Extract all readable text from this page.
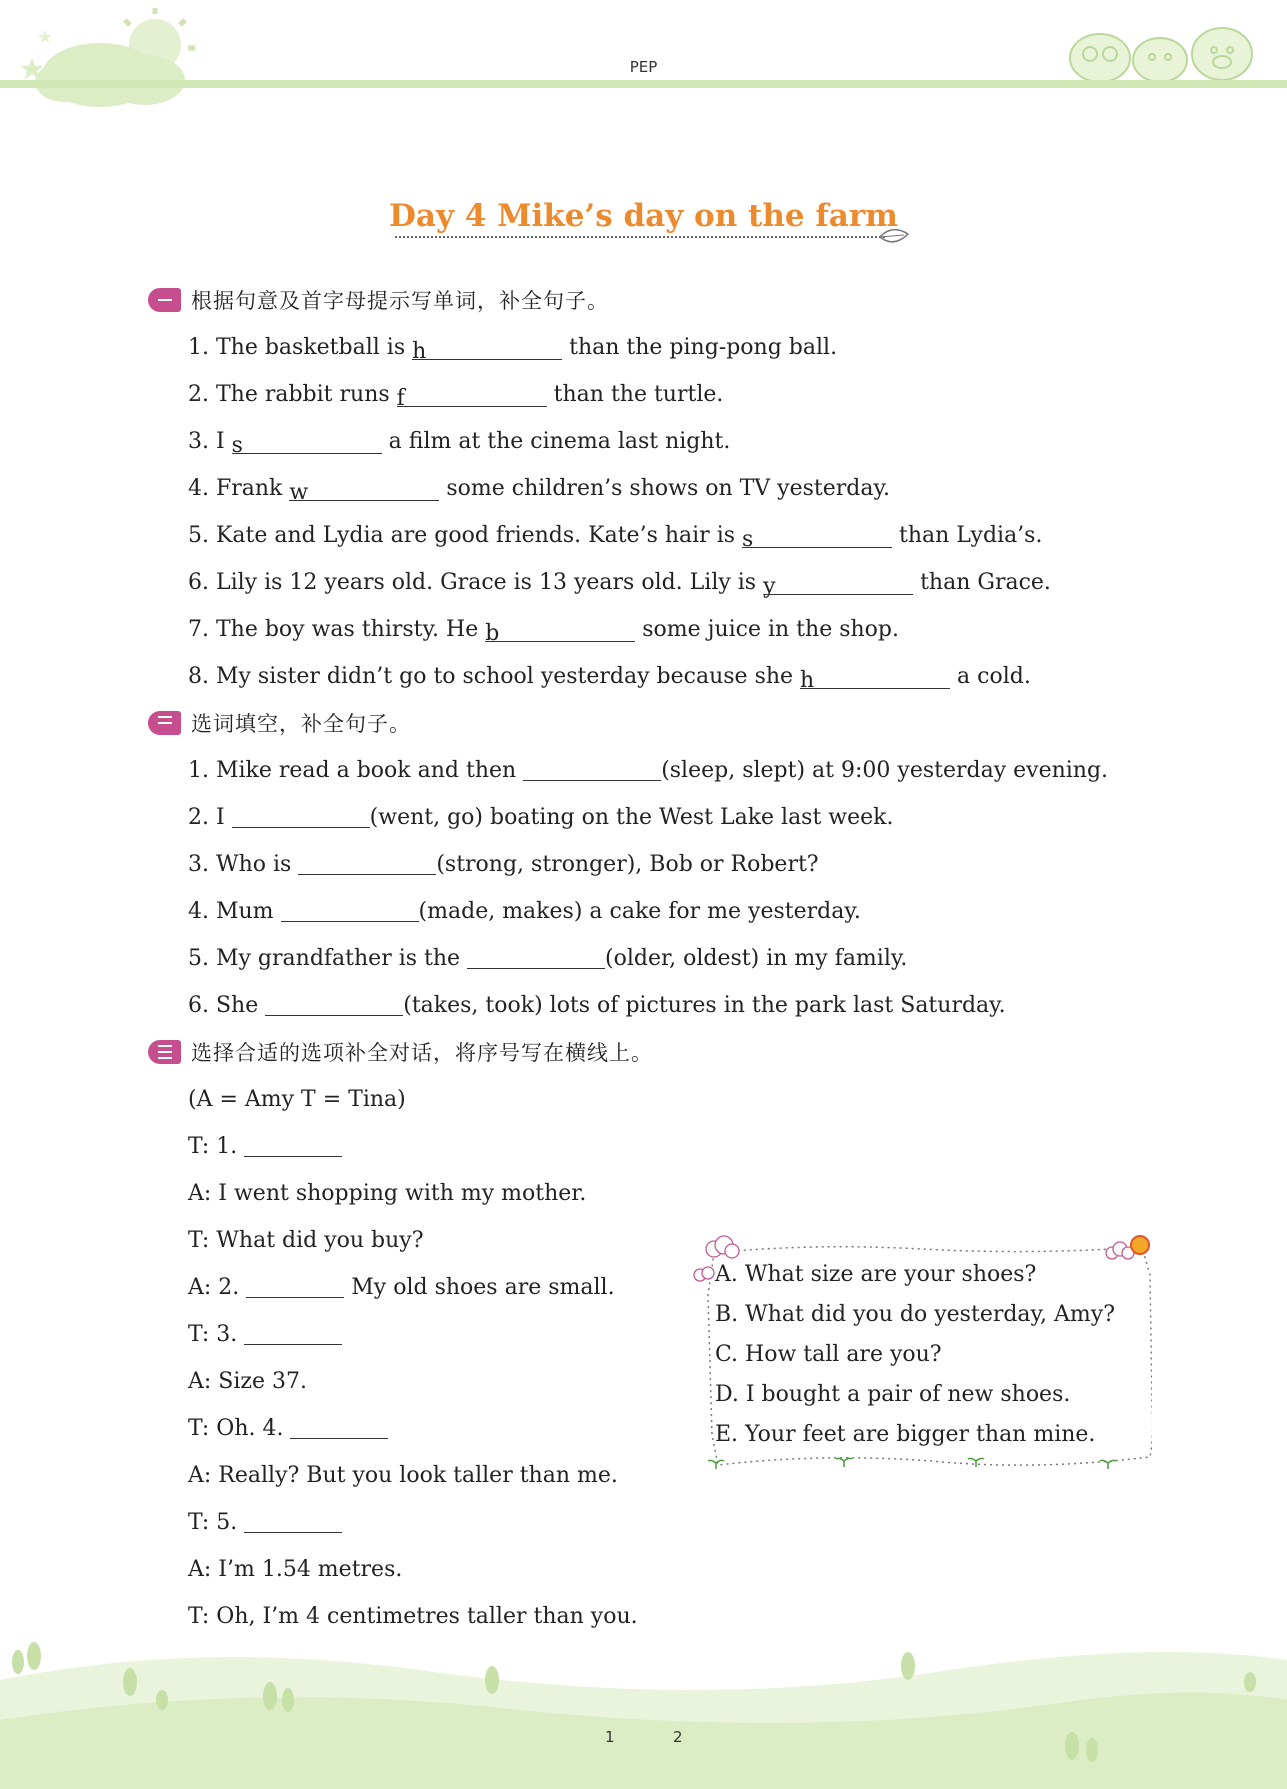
PEP
Day 4 Mike’s day on the farm
根据句意及首字母提示写单词，补全句子。
1. The basketball is h	than the ping-pong ball.
2. The rabbit runs f	than the turtle.
3. I s	a film at the cinema last night.
4. Frank w	some children’s shows on TV yesterday.
5. Kate and Lydia are good friends. Kate’s hair is s	than Lydia’s.
6. Lily is 12 years old. Grace is 13 years old. Lily is y	than Grace.
7. The boy was thirsty. He b	some juice in the shop.
8. My sister didn’t go to school yesterday because she h	a cold.
选词填空，补全句子。
1. Mike read a book and then	(sleep, slept) at 9:00 yesterday evening.
2. I	(went, go) boating on the West Lake last week.
3. Who is	(strong, stronger), Bob or Robert?
4. Mum	(made, makes) a cake for me yesterday.
5. My grandfather is the	(older, oldest) in my family.
6. She	(takes, took) lots of pictures in the park last Saturday.
选择合适的选项补全对话，将序号写在横线上。
(A = Amy T = Tina)
T: 1.
A: I went shopping with my mother.
T: What did you buy?
A: 2.	My old shoes are small.
T: 3.
A: Size 37.
T: Oh. 4.
A: Really? But you look taller than me.
T: 5.
A: I’m 1.54 metres.
T: Oh, I’m 4 centimetres taller than you.
A. What size are your shoes?
B. What did you do yesterday, Amy?
C. How tall are you?
D. I bought a pair of new shoes.
E. Your feet are bigger than mine.
1	2
